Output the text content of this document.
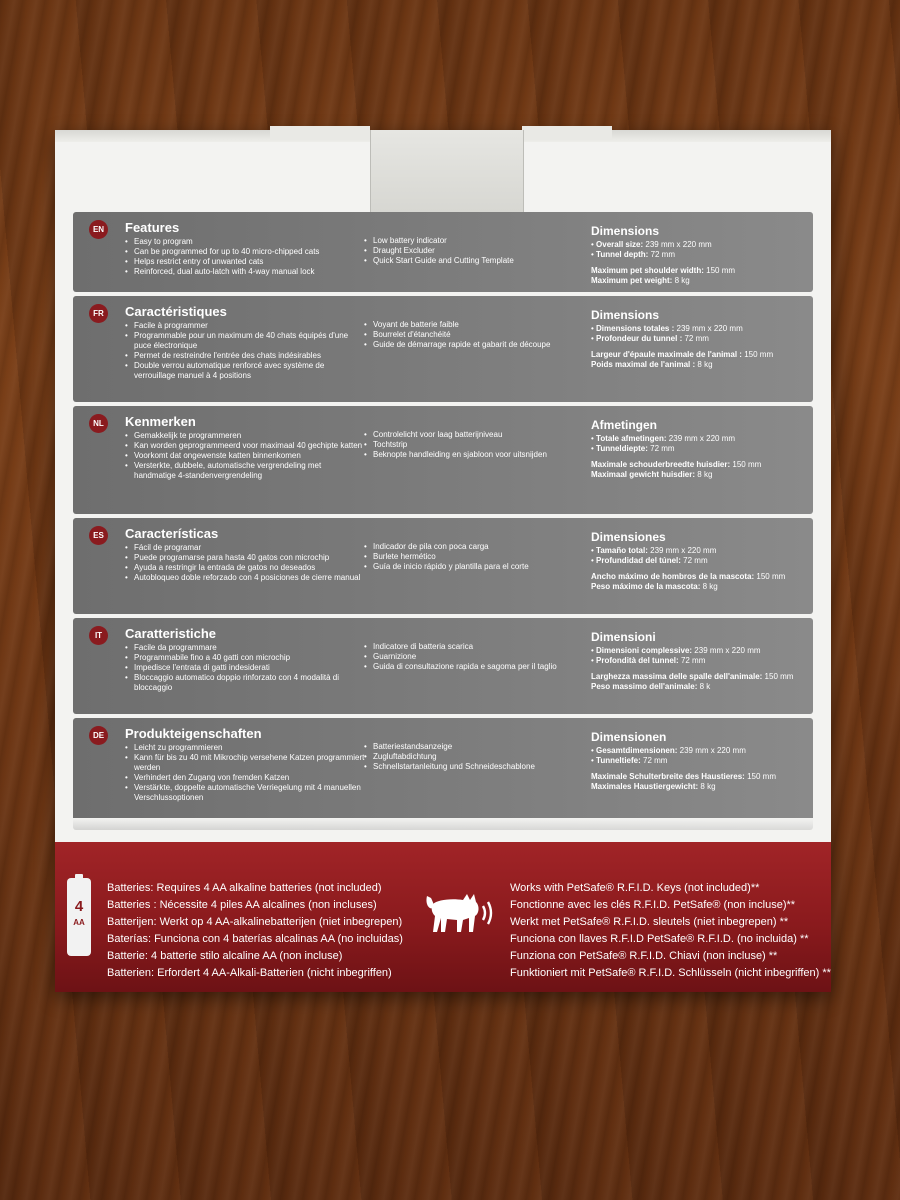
EN	Features
• Easy to program
• Can be programmed for up to 40 micro-chipped cats
• Helps restrict entry of unwanted cats
• Reinforced, dual auto-latch with 4-way manual lock
• Low battery indicator
• Draught Excluder
• Quick Start Guide and Cutting Template
Dimensions
• Overall size: 239 mm x 220 mm
• Tunnel depth: 72 mm
Maximum pet shoulder width: 150 mm
Maximum pet weight: 8 kg
FR	Caractéristiques
• Facile à programmer
• Programmable pour un maximum de 40 chats équipés d'une puce électronique
• Permet de restreindre l'entrée des chats indésirables
• Double verrou automatique renforcé avec système de verrouillage manuel à 4 positions
• Voyant de batterie faible
• Bourrelet d'étanchéité
• Guide de démarrage rapide et gabarit de découpe
Dimensions
• Dimensions totales : 239 mm x 220 mm
• Profondeur du tunnel : 72 mm
Largeur d'épaule maximale de l'animal : 150 mm
Poids maximal de l'animal : 8 kg
NL	Kenmerken
• Gemakkelijk te programmeren
• Kan worden geprogrammeerd voor maximaal 40 gechipte katten
• Voorkomt dat ongewenste katten binnenkomen
• Versterkte, dubbele, automatische vergrendeling met handmatige 4-standenvergrendeling
• Controlelicht voor laag batterijniveau
• Tochtstrip
• Beknopte handleiding en sjabloon voor uitsnijden
Afmetingen
• Totale afmetingen: 239 mm x 220 mm
• Tunneldiepte: 72 mm
Maximale schouderbreedte huisdier: 150 mm
Maximaal gewicht huisdier: 8 kg
ES	Características
• Fácil de programar
• Puede programarse para hasta 40 gatos con microchip
• Ayuda a restringir la entrada de gatos no deseados
• Autobloqueo doble reforzado con 4 posiciones de cierre manual
• Indicador de pila con poca carga
• Burlete hermético
• Guía de inicio rápido y plantilla para el corte
Dimensiones
• Tamaño total: 239 mm x 220 mm
• Profundidad del túnel: 72 mm
Ancho máximo de hombros de la mascota: 150 mm
Peso máximo de la mascota: 8 kg
IT	Caratteristiche
• Facile da programmare
• Programmabile fino a 40 gatti con microchip
• Impedisce l'entrata di gatti indesiderati
• Bloccaggio automatico doppio rinforzato con 4 modalità di bloccaggio
• Indicatore di batteria scarica
• Guarnizione
• Guida di consultazione rapida e sagoma per il taglio
Dimensioni
• Dimensioni complessive: 239 mm x 220 mm
• Profondità del tunnel: 72 mm
Larghezza massima delle spalle dell'animale: 150 mm
Peso massimo dell'animale: 8 k
DE	Produkteigenschaften
• Leicht zu programmieren
• Kann für bis zu 40 mit Mikrochip versehene Katzen programmiert werden
• Verhindert den Zugang von fremden Katzen
• Verstärkte, doppelte automatische Verriegelung mit 4 manuellen Verschlussoptionen
• Batteriestandsanzeige
• Zugluftabdichtung
• Schnellstartanleitung und Schneideschablone
Dimensionen
• Gesamtdimensionen: 239 mm x 220 mm
• Tunneltiefe: 72 mm
Maximale Schulterbreite des Haustieres: 150 mm
Maximales Haustiergewicht: 8 kg
4
AA
Batteries: Requires 4 AA alkaline batteries (not included)
Batteries : Nécessite 4 piles AA alcalines (non incluses)
Batterijen: Werkt op 4 AA-alkalinebatterijen (niet inbegrepen)
Baterías: Funciona con 4 baterías alcalinas AA (no incluidas)
Batterie: 4 batterie stilo alcaline AA (non incluse)
Batterien: Erfordert 4 AA-Alkali-Batterien (nicht inbegriffen)
Works with PetSafe® R.F.I.D. Keys (not included)**
Fonctionne avec les clés R.F.I.D. PetSafe® (non incluse)**
Werkt met PetSafe® R.F.I.D. sleutels (niet inbegrepen) **
Funciona con llaves R.F.I.D PetSafe® R.F.I.D. (no incluida) **
Funziona con PetSafe® R.F.I.D. Chiavi (non incluse) **
Funktioniert mit PetSafe® R.F.I.D. Schlüsseln (nicht inbegriffen) **
